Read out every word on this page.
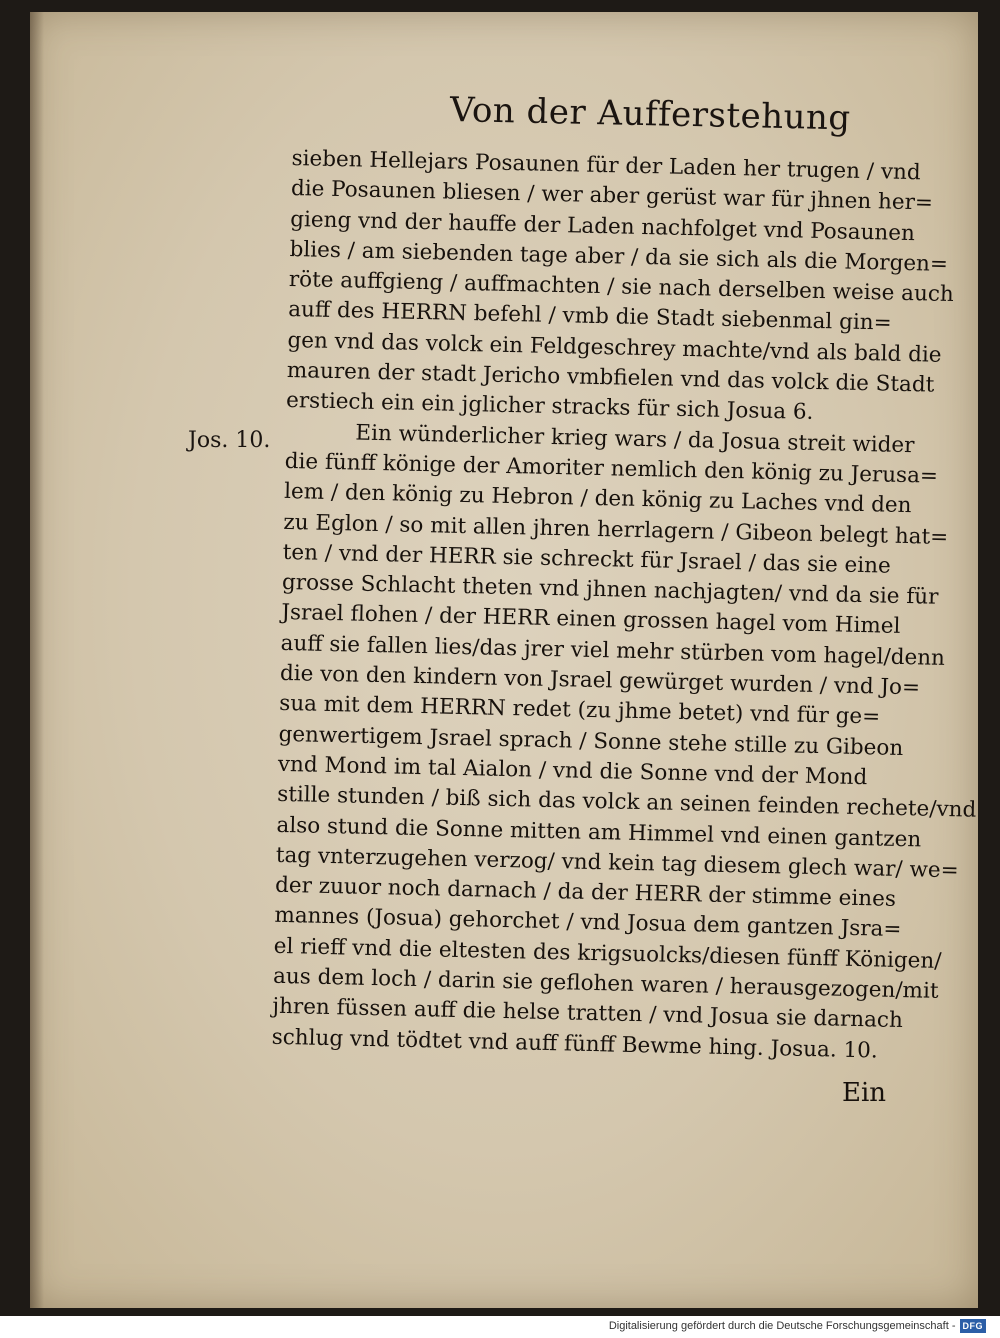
Von der Aufferstehung
Jos. 10.
sieben Hellejars Posaunen für der Laden her trugen / vnd
die Posaunen bliesen / wer aber gerüst war für jhnen her=
gieng vnd der hauffe der Laden nachfolget vnd Posaunen
blies / am siebenden tage aber / da sie sich als die Morgen=
röte auffgieng / auffmachten / sie nach derselben weise auch
auff des HERRN befehl / vmb die Stadt siebenmal gin=
gen vnd das volck ein Feldgeschrey machte/vnd als bald die
mauren der stadt Jericho vmbfielen vnd das volck die Stadt
erstiech ein ein jglicher stracks für sich Josua 6.
Ein wünderlicher krieg wars / da Josua streit wider
die fünff könige der Amoriter nemlich den könig zu Jerusa=
lem / den könig zu Hebron / den könig zu Laches vnd den
zu Eglon / so mit allen jhren herrlagern / Gibeon belegt hat=
ten / vnd der HERR sie schreckt für Jsrael / das sie eine
grosse Schlacht theten vnd jhnen nachjagten/ vnd da sie für
Jsrael flohen / der HERR einen grossen hagel vom Himel
auff sie fallen lies/das jrer viel mehr stürben vom hagel/denn
die von den kindern von Jsrael gewürget wurden / vnd Jo=
sua mit dem HERRN redet (zu jhme betet) vnd für ge=
genwertigem Jsrael sprach / Sonne stehe stille zu Gibeon
vnd Mond im tal Aialon / vnd die Sonne vnd der Mond
stille stunden / biß sich das volck an seinen feinden rechete/vnd
also stund die Sonne mitten am Himmel vnd einen gantzen
tag vnterzugehen verzog/ vnd kein tag diesem glech war/ we=
der zuuor noch darnach / da der HERR der stimme eines
mannes (Josua) gehorchet / vnd Josua dem gantzen Jsra=
el rieff vnd die eltesten des krigsuolcks/diesen fünff Königen/
aus dem loch / darin sie geflohen waren / herausgezogen/mit
jhren füssen auff die helse tratten / vnd Josua sie darnach
schlug vnd tödtet vnd auff fünff Bewme hing. Josua. 10.
Ein
Digitalisierung gefördert durch die Deutsche Forschungsgemeinschaft - DFG
